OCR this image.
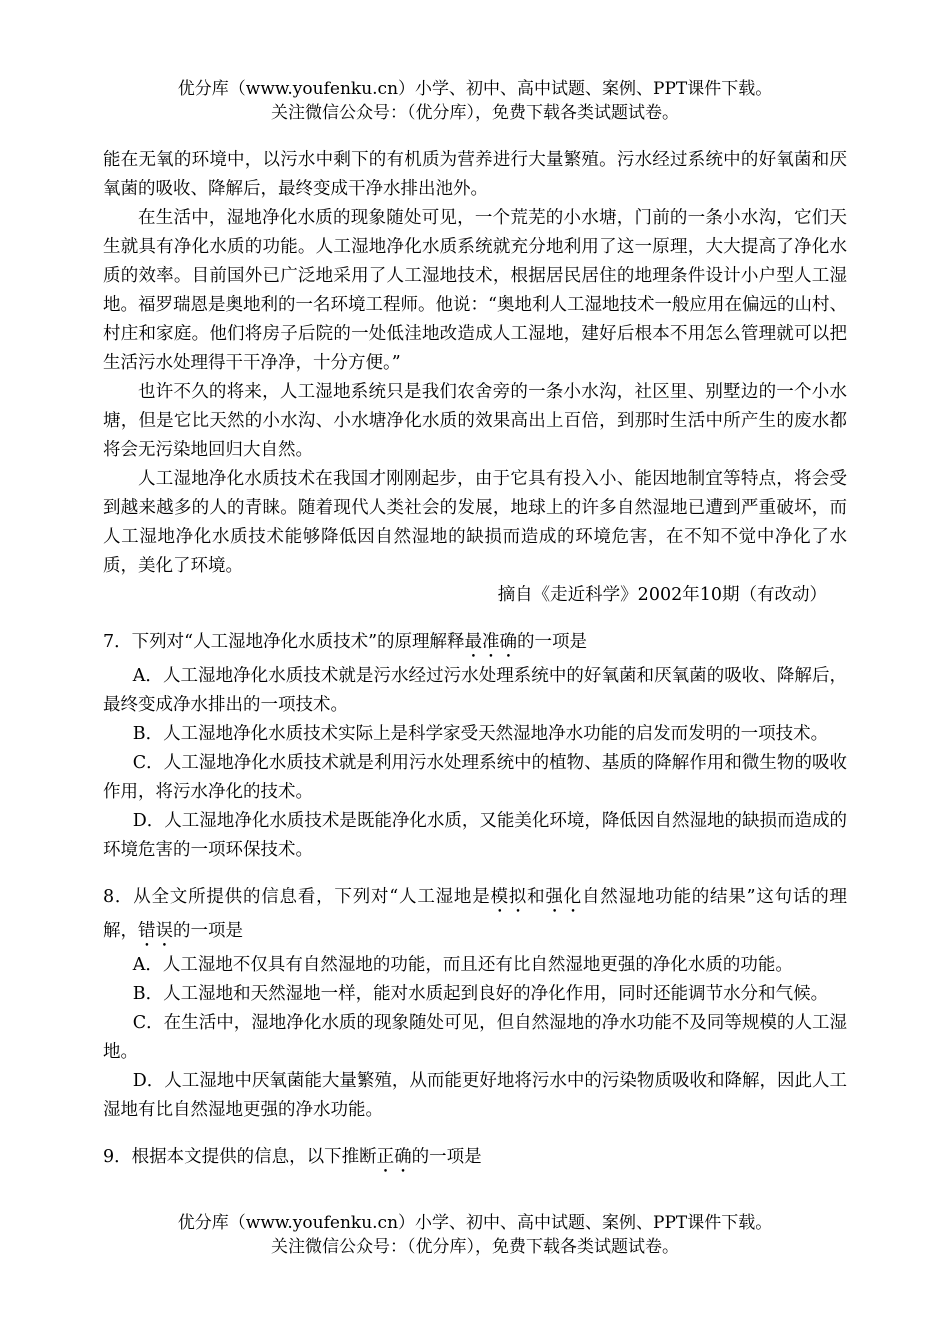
优分库（www.youfenku.cn）小学、初中、高中试题、案例、PPT课件下载。
关注微信公众号：（优分库），免费下载各类试题试卷。

能在无氧的环境中，以污水中剩下的有机质为营养进行大量繁殖。污水经过系统中的好氧菌和厌氧菌的吸收、降解后，最终变成干净水排出池外。

在生活中，湿地净化水质的现象随处可见，一个荒芜的小水塘，门前的一条小水沟，它们天生就具有净化水质的功能。人工湿地净化水质系统就充分地利用了这一原理，大大提高了净化水质的效率。目前国外已广泛地采用了人工湿地技术，根据居民居住的地理条件设计小户型人工湿地。福罗瑞恩是奥地利的一名环境工程师。他说：“奥地利人工湿地技术一般应用在偏远的山村、村庄和家庭。他们将房子后院的一处低洼地改造成人工湿地，建好后根本不用怎么管理就可以把生活污水处理得干干净净，十分方便。”

也许不久的将来，人工湿地系统只是我们农舍旁的一条小水沟，社区里、别墅边的一个小水塘，但是它比天然的小水沟、小水塘净化水质的效果高出上百倍，到那时生活中所产生的废水都将会无污染地回归大自然。

人工湿地净化水质技术在我国才刚刚起步，由于它具有投入小、能因地制宜等特点，将会受到越来越多的人的青睐。随着现代人类社会的发展，地球上的许多自然湿地已遭到严重破坏，而人工湿地净化水质技术能够降低因自然湿地的缺损而造成的环境危害，在不知不觉中净化了水质，美化了环境。

摘自《走近科学》2002年10期（有改动）

7．下列对“人工湿地净化水质技术”的原理解释最准确的一项是

A．人工湿地净化水质技术就是污水经过污水处理系统中的好氧菌和厌氧菌的吸收、降解后，最终变成净水排出的一项技术。

B．人工湿地净化水质技术实际上是科学家受天然湿地净水功能的启发而发明的一项技术。

C．人工湿地净化水质技术就是利用污水处理系统中的植物、基质的降解作用和微生物的吸收作用，将污水净化的技术。

D．人工湿地净化水质技术是既能净化水质，又能美化环境，降低因自然湿地的缺损而造成的环境危害的一项环保技术。

8．从全文所提供的信息看，下列对“人工湿地是模拟和强化自然湿地功能的结果”这句话的理解，错误的一项是

A．人工湿地不仅具有自然湿地的功能，而且还有比自然湿地更强的净化水质的功能。

B．人工湿地和天然湿地一样，能对水质起到良好的净化作用，同时还能调节水分和气候。

C．在生活中，湿地净化水质的现象随处可见，但自然湿地的净水功能不及同等规模的人工湿地。

D．人工湿地中厌氧菌能大量繁殖，从而能更好地将污水中的污染物质吸收和降解，因此人工湿地有比自然湿地更强的净水功能。

9．根据本文提供的信息，以下推断正确的一项是

优分库（www.youfenku.cn）小学、初中、高中试题、案例、PPT课件下载。
关注微信公众号：（优分库），免费下载各类试题试卷。
